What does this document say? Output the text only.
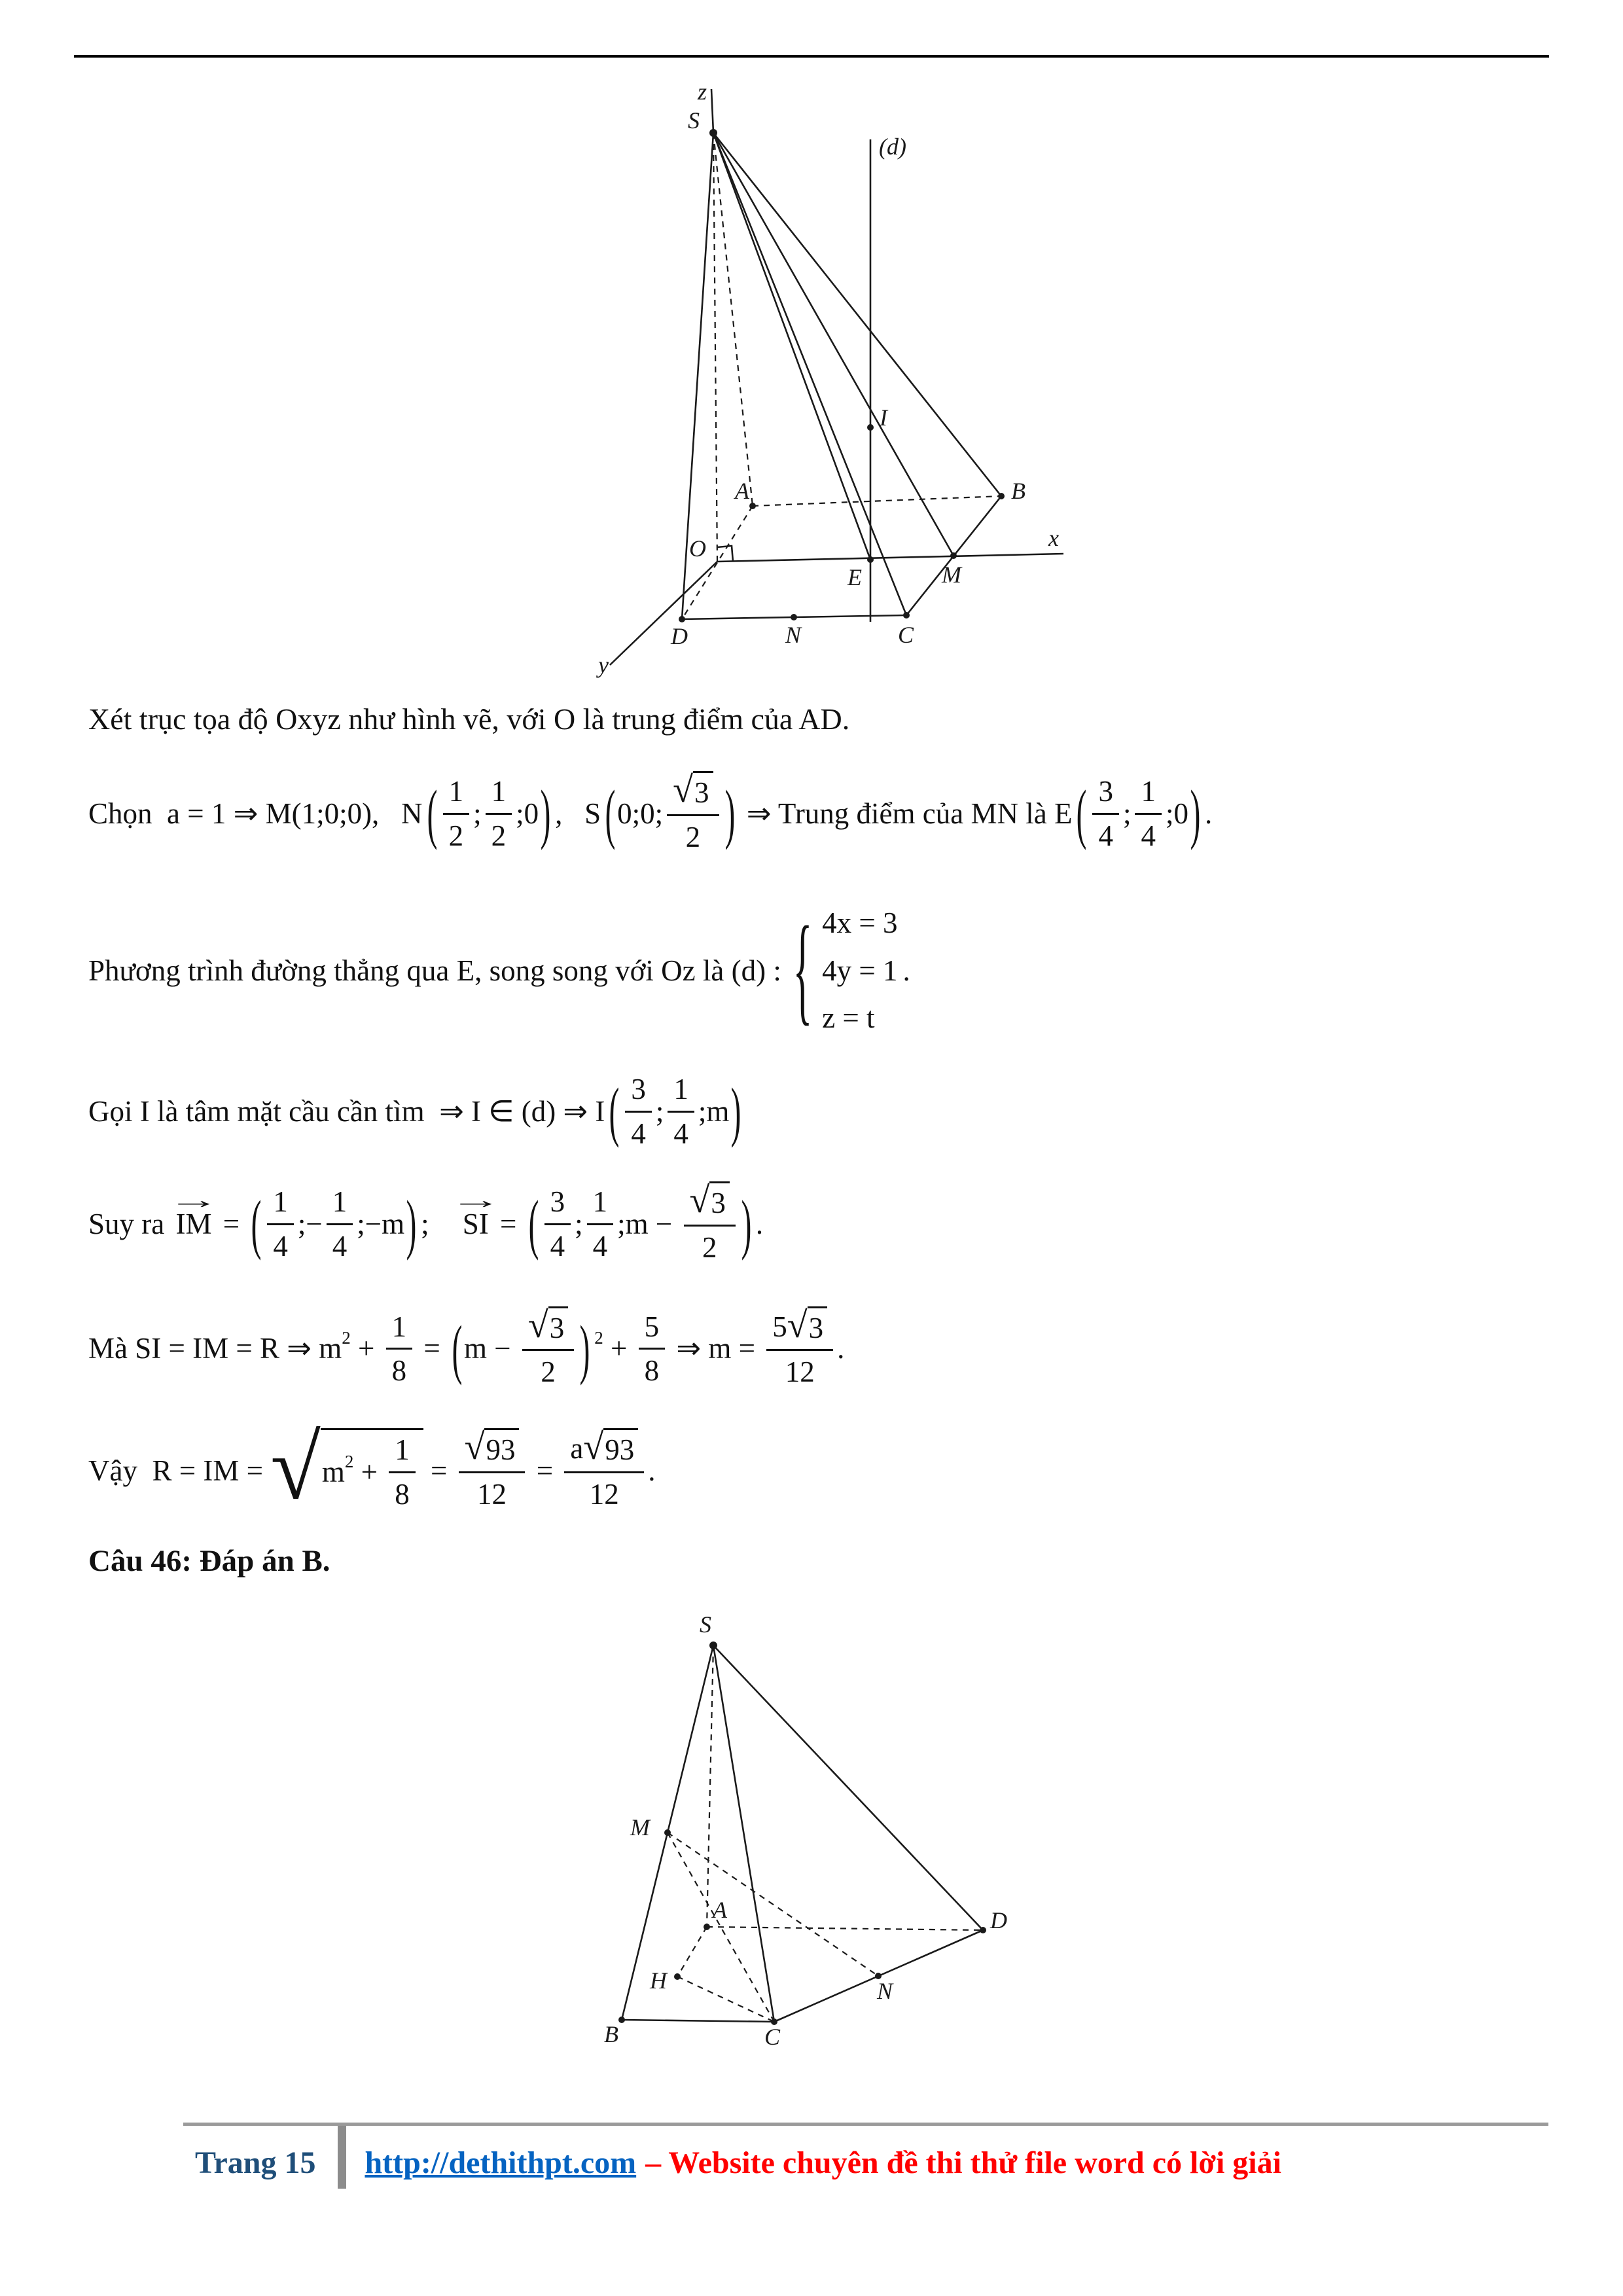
z
S
(d)
I
A	B
O
E	M
x
D	N	C
y

Xét trục tọa độ Oxyz như hình vẽ, với O là trung điểm của AD.

Chọn  a = 1 ⇒ M(1;0;0),   N ( $\frac{1}{2}$ ; $\frac{1}{2}$ ;0 ) ,   S ( 0;0; $\frac{√ 3}{2}$ ) ⇒ Trung điểm của MN là E ( $\frac{3}{4}$ ; $\frac{1}{4}$ ;0 ) .
Phương trình đường thẳng qua E, song song với Oz là (d) : { 4x = 3
4y = 1
z = t
.
Gọi I là tâm mặt cầu cần tìm  ⇒ I ∈ (d) ⇒ I ( $\frac{3}{4}$ ; $\frac{1}{4}$ ;m )
Suy ra
→
IM = ( $\frac{1}{4}$ ;− $\frac{1}{4}$ ;−m ) ;
→
SI = ( $\frac{3}{4}$ ; $\frac{1}{4}$ ;m − $\frac{√ 3}{2}$ ) .
Mà SI = IM = R ⇒ m $2 + \frac{1}{8}$ = ( $m - \frac{√ 3}{2}$ ) $2 + \frac{5}{8}$ ⇒ $m = \frac{5 √ 3}{12}$ .
Vậy  R = IM = √ m $2 + \frac{1}{8} = \frac{√ 93}{12} = \frac{a √ 93}{12}$ .

Câu 46: Đáp án B.

S
M
A	D
H	N
B	C
Trang 15 http://dethithpt.com – Website chuyên đề thi thử file word có lời giải
